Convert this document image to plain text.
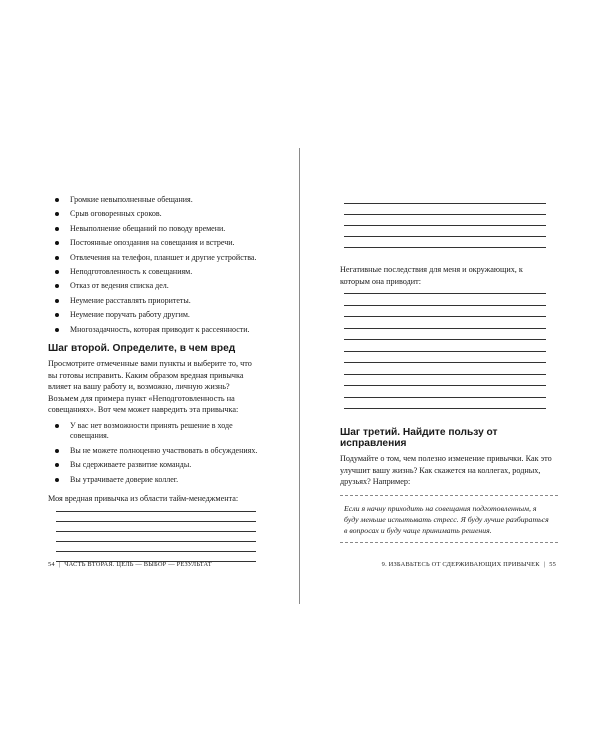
Громкие невыполненные обещания.
Срыв оговоренных сроков.
Невыполнение обещаний по поводу времени.
Постоянные опоздания на совещания и встречи.
Отвлечения на телефон, планшет и другие устройства.
Неподготовленность к совещаниям.
Отказ от ведения списка дел.
Неумение расставлять приоритеты.
Неумение поручать работу другим.
Многозадачность, которая приводит к рассеянности.
Шаг второй. Определите, в чем вред

Просмотрите отмеченные вами пункты и выберите то, что вы готовы исправить. Каким образом вредная привычка влияет на вашу работу и, возможно, личную жизнь? Возьмем для примера пункт «Неподготовленность на совещаниях». Вот чем может навредить эта привычка:

У вас нет возможности принять решение в ходе совещания.
Вы не можете полноценно участвовать в обсуждениях.
Вы сдерживаете развитие команды.
Вы утрачиваете доверие коллег.

Моя вредная привычка из области тайм-менеджмента:

54 | ЧАСТЬ ВТОРАЯ. ЦЕЛЬ — ВЫБОР — РЕЗУЛЬТАТ

Негативные последствия для меня и окружающих, к которым она приводит:

Шаг третий. Найдите пользу от исправления

Подумайте о том, чем полезно изменение привычки. Как это улучшит вашу жизнь? Как скажется на коллегах, родных, друзьях? Например:

Если я начну приходить на совещания подготовленным, я буду меньше испытывать стресс. Я буду лучше разбираться в вопросах и буду чаще принимать решения.
9. ИЗБАВЬТЕСЬ ОТ СДЕРЖИВАЮЩИХ ПРИВЫЧЕК | 55
